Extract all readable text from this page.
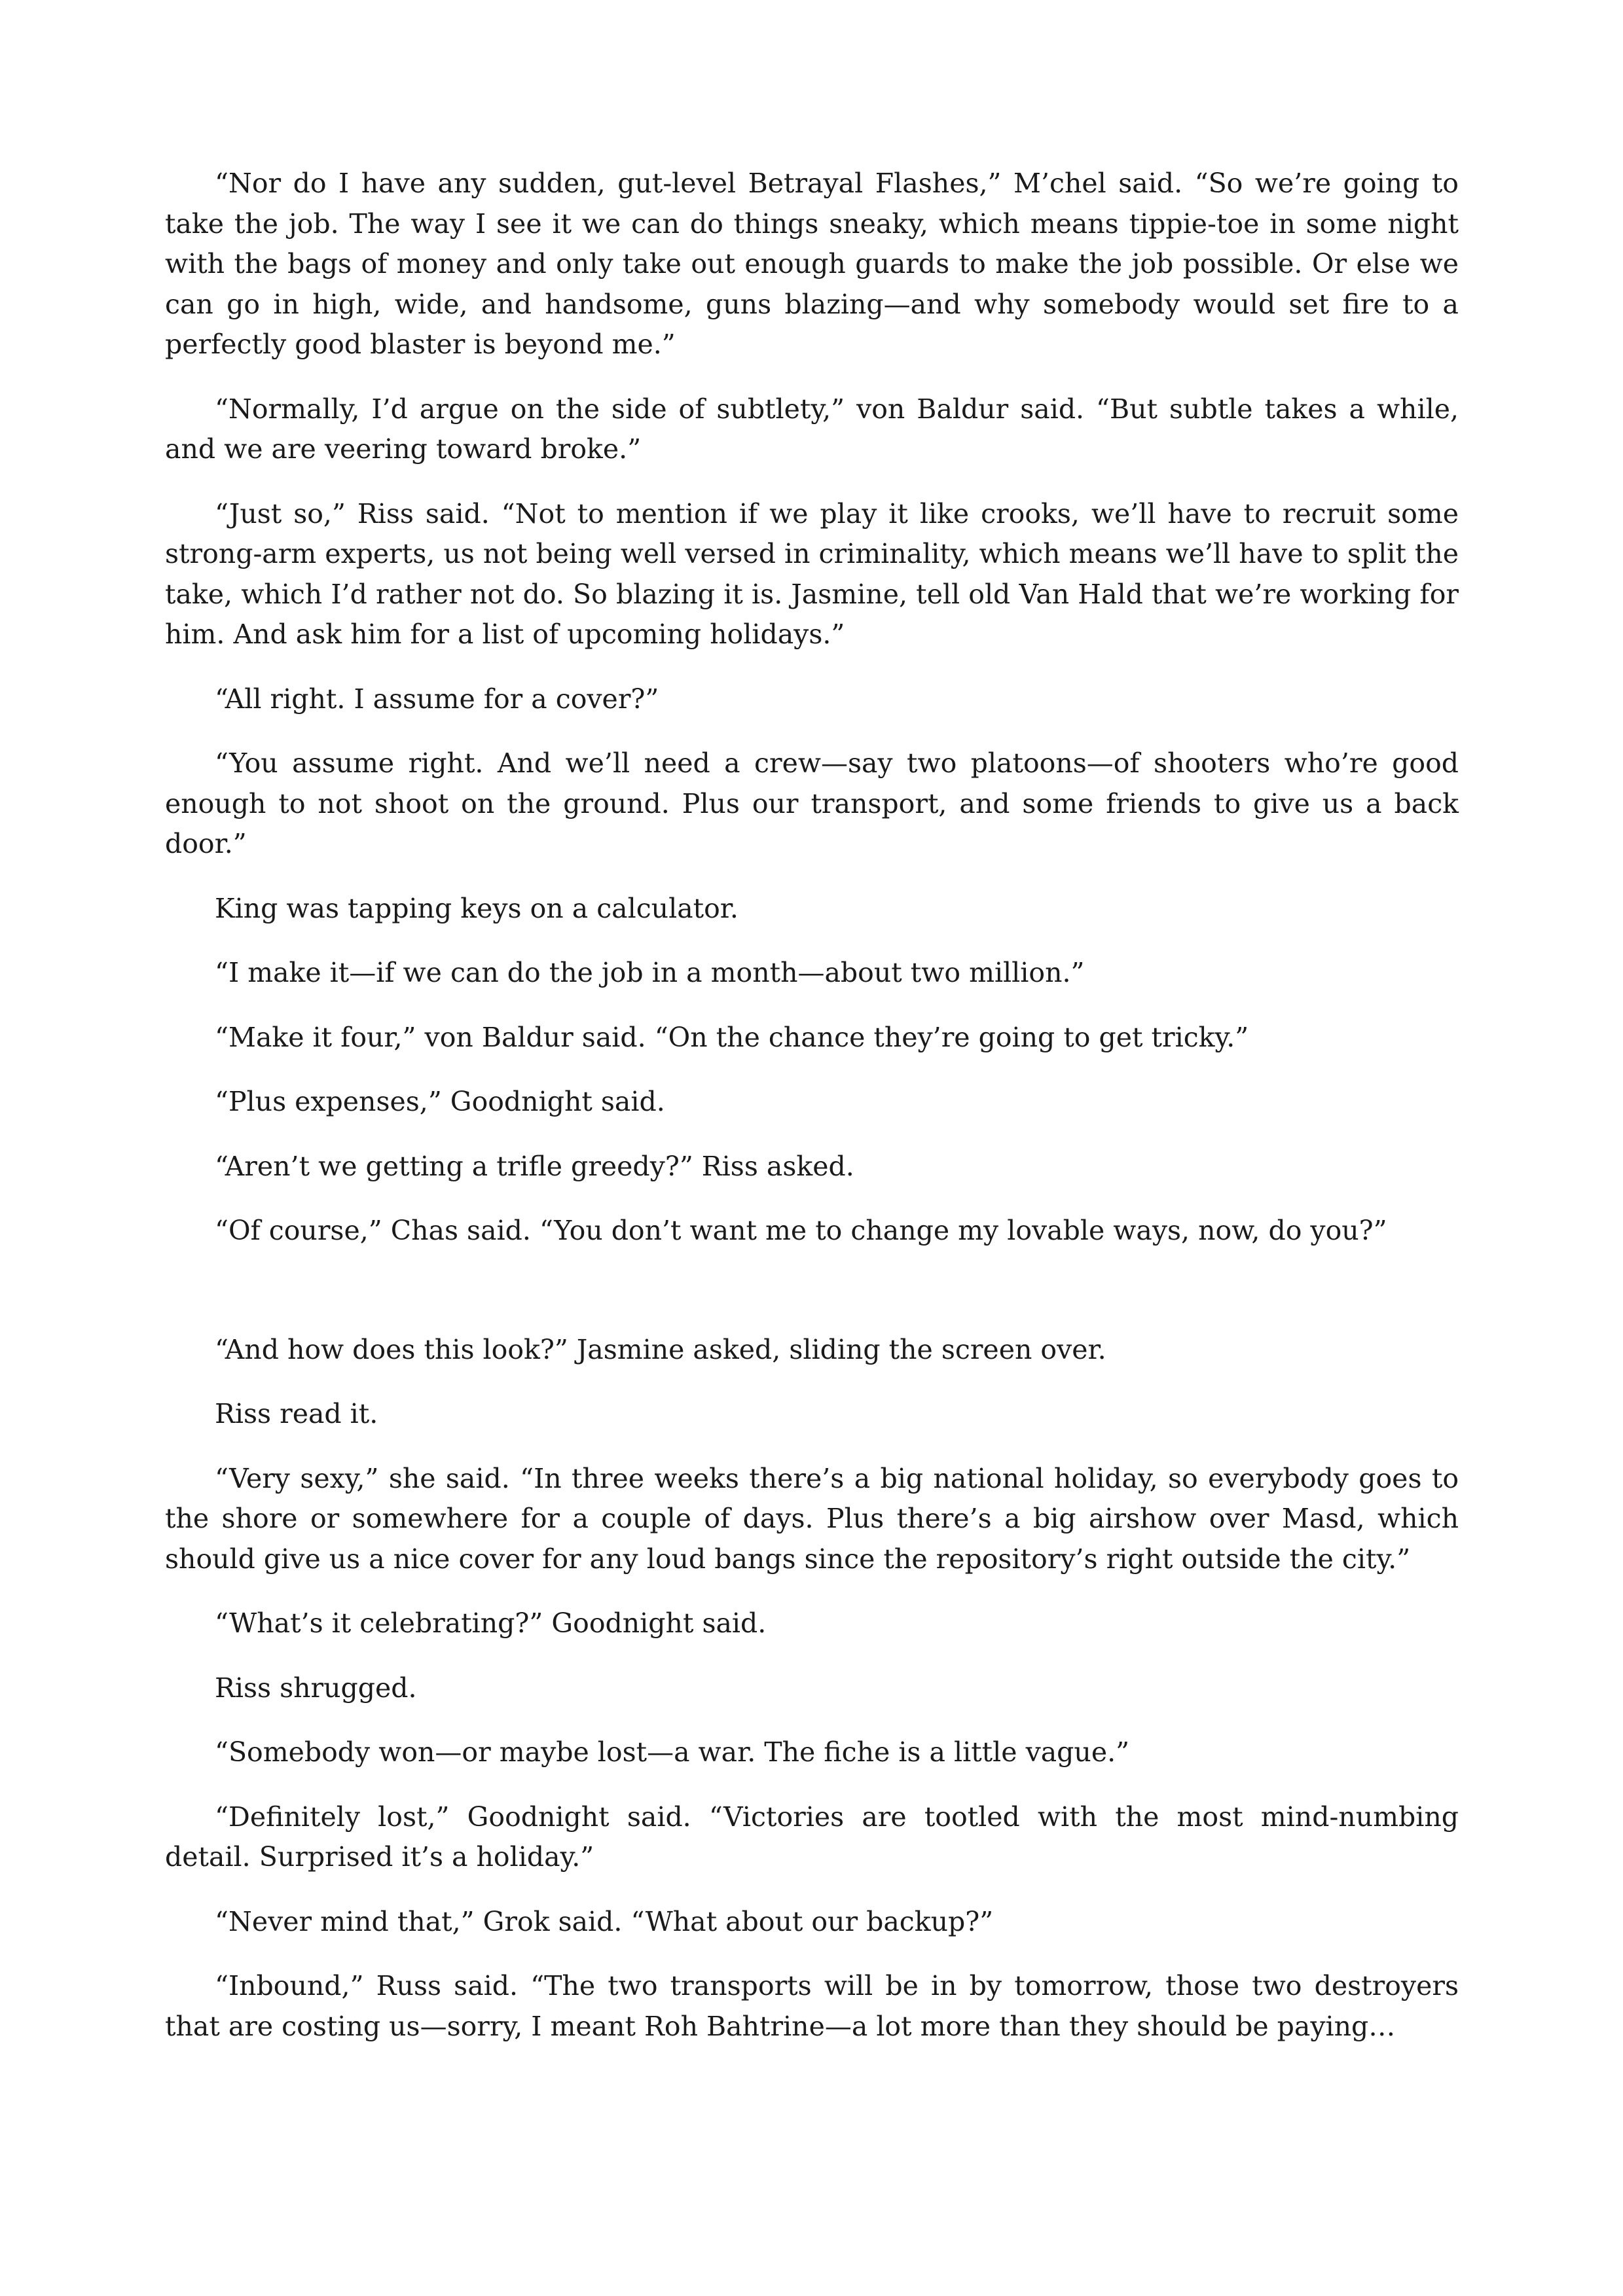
“Nor do I have any sudden, gut-level Betrayal Flashes,” M’chel said. “So we’re going to take the job. The way I see it we can do things sneaky, which means tippie-toe in some night with the bags of money and only take out enough guards to make the job possible. Or else we can go in high, wide, and handsome, guns blazing—and why somebody would set fire to a perfectly good blaster is beyond me.”

“Normally, I’d argue on the side of subtlety,” von Baldur said. “But subtle takes a while, and we are veering toward broke.”

“Just so,” Riss said. “Not to mention if we play it like crooks, we’ll have to recruit some strong-arm experts, us not being well versed in criminality, which means we’ll have to split the take, which I’d rather not do. So blazing it is. Jasmine, tell old Van Hald that we’re working for him. And ask him for a list of upcoming holidays.”

“All right. I assume for a cover?”

“You assume right. And we’ll need a crew—say two platoons—of shooters who’re good enough to not shoot on the ground. Plus our transport, and some friends to give us a back door.”

King was tapping keys on a calculator.

“I make it—if we can do the job in a month—about two million.”

“Make it four,” von Baldur said. “On the chance they’re going to get tricky.”

“Plus expenses,” Goodnight said.

“Aren’t we getting a trifle greedy?” Riss asked.

“Of course,” Chas said. “You don’t want me to change my lovable ways, now, do you?”

“And how does this look?” Jasmine asked, sliding the screen over.

Riss read it.

“Very sexy,” she said. “In three weeks there’s a big national holiday, so everybody goes to the shore or somewhere for a couple of days. Plus there’s a big airshow over Masd, which should give us a nice cover for any loud bangs since the repository’s right outside the city.”

“What’s it celebrating?” Goodnight said.

Riss shrugged.

“Somebody won—or maybe lost—a war. The fiche is a little vague.”

“Definitely lost,” Goodnight said. “Victories are tootled with the most mind-numbing detail. Surprised it’s a holiday.”

“Never mind that,” Grok said. “What about our backup?”

“Inbound,” Russ said. “The two transports will be in by tomorrow, those two destroyers that are costing us—sorry, I meant Roh Bahtrine—a lot more than they should be paying…
